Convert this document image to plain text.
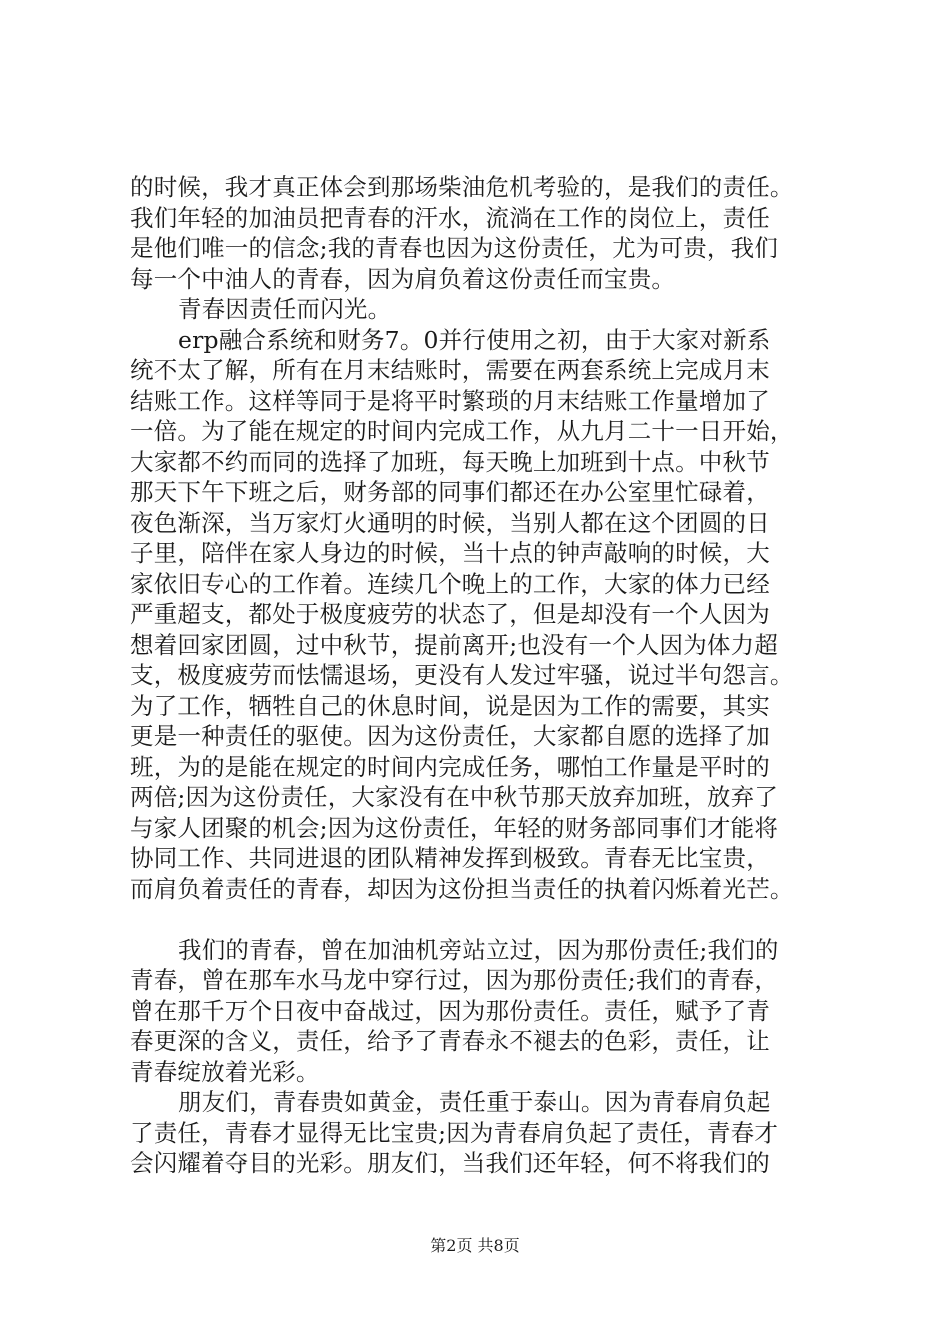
的时候，我才真正体会到那场柴油危机考验的，是我们的责任。
我们年轻的加油员把青春的汗水，流淌在工作的岗位上，责任
是他们唯一的信念;我的青春也因为这份责任，尤为可贵，我们
每一个中油人的青春，因为肩负着这份责任而宝贵。
青春因责任而闪光。
erp融合系统和财务7。0并行使用之初，由于大家对新系
统不太了解，所有在月末结账时，需要在两套系统上完成月末
结账工作。这样等同于是将平时繁琐的月末结账工作量增加了
一倍。为了能在规定的时间内完成工作，从九月二十一日开始，
大家都不约而同的选择了加班，每天晚上加班到十点。中秋节
那天下午下班之后，财务部的同事们都还在办公室里忙碌着，
夜色渐深，当万家灯火通明的时候，当别人都在这个团圆的日
子里，陪伴在家人身边的时候，当十点的钟声敲响的时候，大
家依旧专心的工作着。连续几个晚上的工作，大家的体力已经
严重超支，都处于极度疲劳的状态了，但是却没有一个人因为
想着回家团圆，过中秋节，提前离开;也没有一个人因为体力超
支，极度疲劳而怯懦退场，更没有人发过牢骚，说过半句怨言。
为了工作，牺牲自己的休息时间，说是因为工作的需要，其实
更是一种责任的驱使。因为这份责任，大家都自愿的选择了加
班，为的是能在规定的时间内完成任务，哪怕工作量是平时的
两倍;因为这份责任，大家没有在中秋节那天放弃加班，放弃了
与家人团聚的机会;因为这份责任，年轻的财务部同事们才能将
协同工作、共同进退的团队精神发挥到极致。青春无比宝贵，
而肩负着责任的青春，却因为这份担当责任的执着闪烁着光芒。
我们的青春，曾在加油机旁站立过，因为那份责任;我们的
青春，曾在那车水马龙中穿行过，因为那份责任;我们的青春，
曾在那千万个日夜中奋战过，因为那份责任。责任，赋予了青
春更深的含义，责任，给予了青春永不褪去的色彩，责任，让
青春绽放着光彩。
朋友们，青春贵如黄金，责任重于泰山。因为青春肩负起
了责任，青春才显得无比宝贵;因为青春肩负起了责任，青春才
会闪耀着夺目的光彩。朋友们，当我们还年轻，何不将我们的
第2页 共8页
